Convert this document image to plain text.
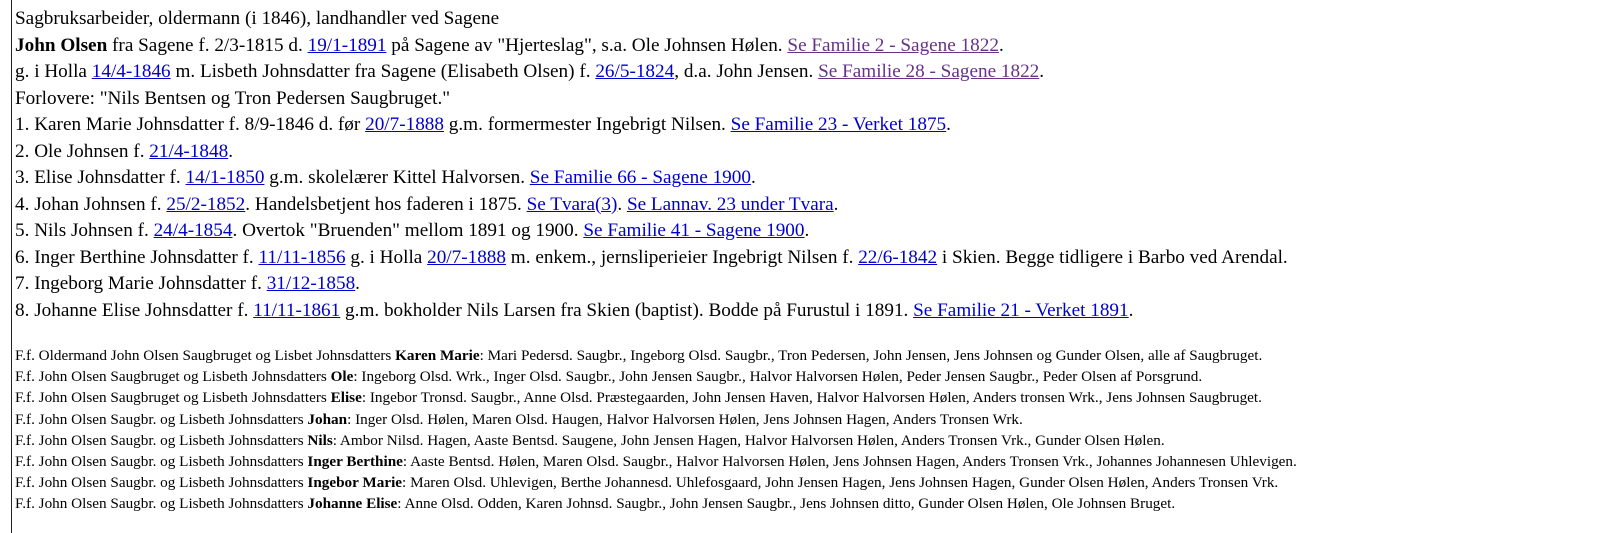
Sagbruksarbeider, oldermann (i 1846), landhandler ved Sagene
John Olsen fra Sagene f. 2/3-1815 d. 19/1-1891 på Sagene av "Hjerteslag", s.a. Ole Johnsen Hølen. Se Familie 2 - Sagene 1822.
g. i Holla 14/4-1846 m. Lisbeth Johnsdatter fra Sagene (Elisabeth Olsen) f. 26/5-1824, d.a. John Jensen. Se Familie 28 - Sagene 1822.
Forlovere: "Nils Bentsen og Tron Pedersen Saugbruget."
1. Karen Marie Johnsdatter f. 8/9-1846 d. før 20/7-1888 g.m. formermester Ingebrigt Nilsen. Se Familie 23 - Verket 1875.
2. Ole Johnsen f. 21/4-1848.
3. Elise Johnsdatter f. 14/1-1850 g.m. skolelærer Kittel Halvorsen. Se Familie 66 - Sagene 1900.
4. Johan Johnsen f. 25/2-1852. Handelsbetjent hos faderen i 1875. Se Tvara(3). Se Lannav. 23 under Tvara.
5. Nils Johnsen f. 24/4-1854. Overtok "Bruenden" mellom 1891 og 1900. Se Familie 41 - Sagene 1900.
6. Inger Berthine Johnsdatter f. 11/11-1856 g. i Holla 20/7-1888 m. enkem., jernsliperieier Ingebrigt Nilsen f. 22/6-1842 i Skien. Begge tidligere i Barbo ved Arendal.
7. Ingeborg Marie Johnsdatter f. 31/12-1858.
8. Johanne Elise Johnsdatter f. 11/11-1861 g.m. bokholder Nils Larsen fra Skien (baptist). Bodde på Furustul i 1891. Se Familie 21 - Verket 1891.
F.f. Oldermand John Olsen Saugbruget og Lisbet Johnsdatters Karen Marie: Mari Pedersd. Saugbr., Ingeborg Olsd. Saugbr., Tron Pedersen, John Jensen, Jens Johnsen og Gunder Olsen, alle af Saugbruget.
F.f. John Olsen Saugbruget og Lisbeth Johnsdatters Ole: Ingeborg Olsd. Wrk., Inger Olsd. Saugbr., John Jensen Saugbr., Halvor Halvorsen Hølen, Peder Jensen Saugbr., Peder Olsen af Porsgrund.
F.f. John Olsen Saugbruget og Lisbeth Johnsdatters Elise: Ingebor Tronsd. Saugbr., Anne Olsd. Præstegaarden, John Jensen Haven, Halvor Halvorsen Hølen, Anders tronsen Wrk., Jens Johnsen Saugbruget.
F.f. John Olsen Saugbr. og Lisbeth Johnsdatters Johan: Inger Olsd. Hølen, Maren Olsd. Haugen, Halvor Halvorsen Hølen, Jens Johnsen Hagen, Anders Tronsen Wrk.
F.f. John Olsen Saugbr. og Lisbeth Johnsdatters Nils: Ambor Nilsd. Hagen, Aaste Bentsd. Saugene, John Jensen Hagen, Halvor Halvorsen Hølen, Anders Tronsen Vrk., Gunder Olsen Hølen.
F.f. John Olsen Saugbr. og Lisbeth Johnsdatters Inger Berthine: Aaste Bentsd. Hølen, Maren Olsd. Saugbr., Halvor Halvorsen Hølen, Jens Johnsen Hagen, Anders Tronsen Vrk., Johannes Johannesen Uhlevigen.
F.f. John Olsen Saugbr. og Lisbeth Johnsdatters Ingebor Marie: Maren Olsd. Uhlevigen, Berthe Johannesd. Uhlefosgaard, John Jensen Hagen, Jens Johnsen Hagen, Gunder Olsen Hølen, Anders Tronsen Vrk.
F.f. John Olsen Saugbr. og Lisbeth Johnsdatters Johanne Elise: Anne Olsd. Odden, Karen Johnsd. Saugbr., John Jensen Saugbr., Jens Johnsen ditto, Gunder Olsen Hølen, Ole Johnsen Bruget.
